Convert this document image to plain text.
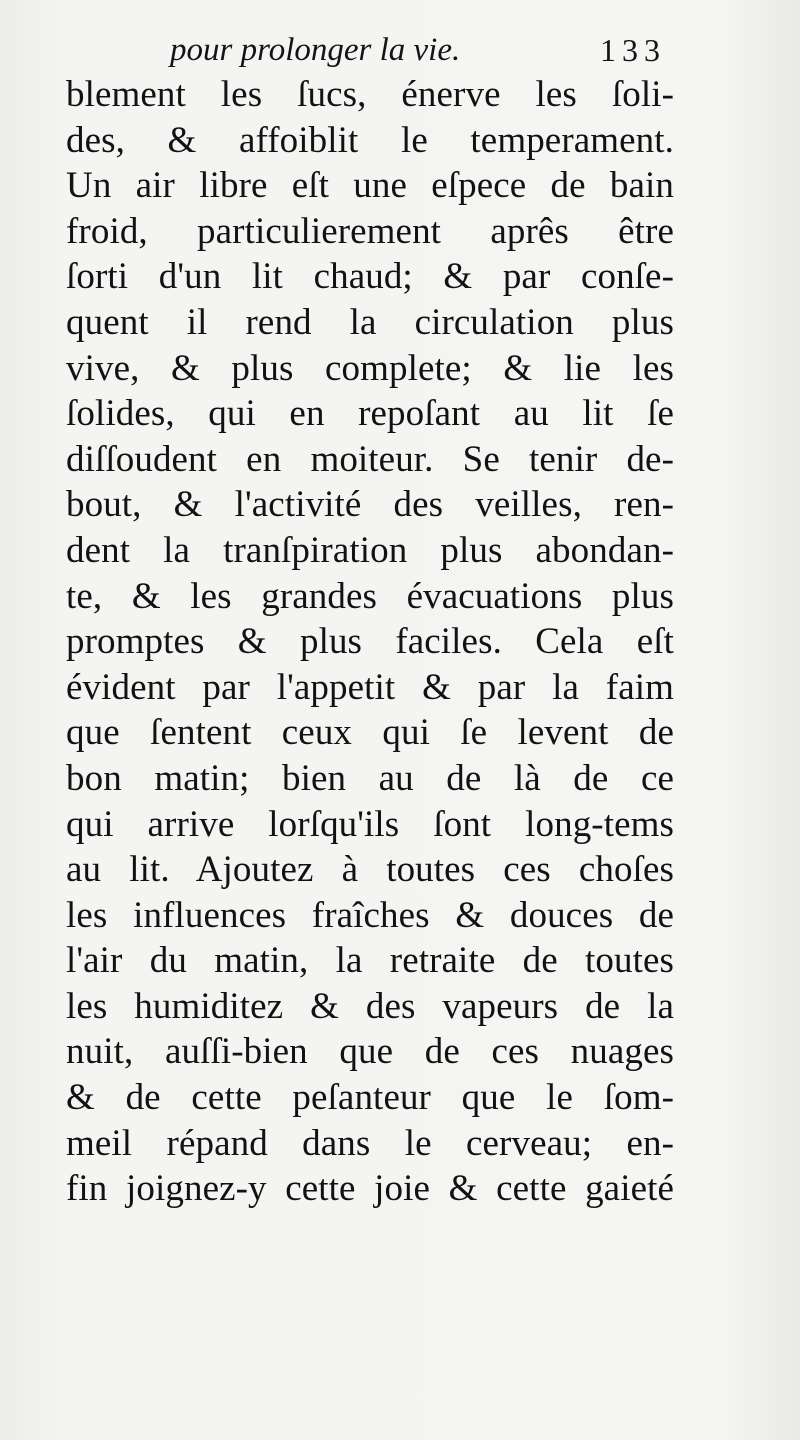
pour prolonger la vie.	133
blement les ſucs, énerve les ſoli-
des, & affoiblit le temperament.
Un air libre eſt une eſpece de bain
froid, particulierement aprês être
ſorti d'un lit chaud; & par conſe-
quent il rend la circulation plus
vive, & plus complete; & lie les
ſolides, qui en repoſant au lit ſe
diſſoudent en moiteur. Se tenir de-
bout, & l'activité des veilles, ren-
dent la tranſpiration plus abondan-
te, & les grandes évacuations plus
promptes & plus faciles. Cela eſt
évident par l'appetit & par la faim
que ſentent ceux qui ſe levent de
bon matin; bien au de là de ce
qui arrive lorſqu'ils ſont long-tems
au lit. Ajoutez à toutes ces choſes
les influences fraîches & douces de
l'air du matin, la retraite de toutes
les humiditez & des vapeurs de la
nuit, auſſi-bien que de ces nuages
& de cette peſanteur que le ſom-
meil répand dans le cerveau; en-
fin joignez-y cette joie & cette gaieté
